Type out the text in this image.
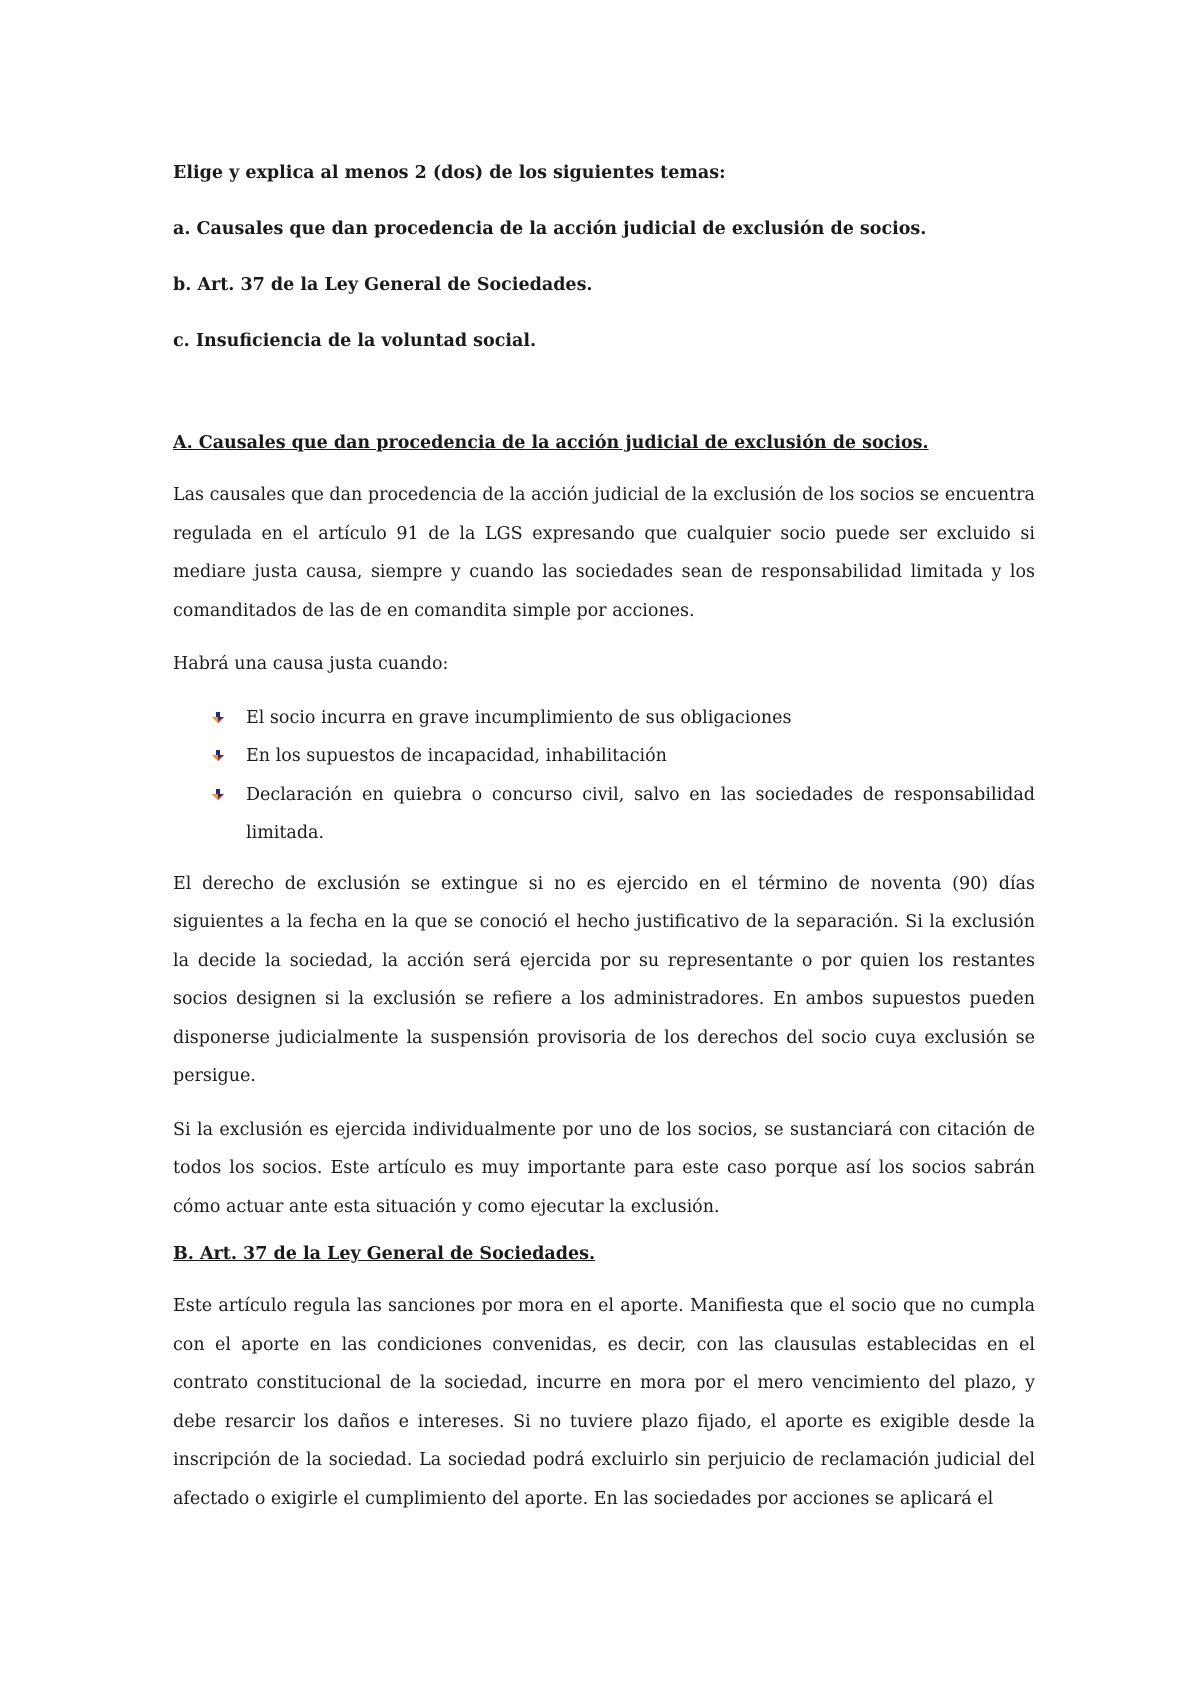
Elige y explica al menos 2 (dos) de los siguientes temas:

a. Causales que dan procedencia de la acción judicial de exclusión de socios.

b. Art. 37 de la Ley General de Sociedades.

c. Insuficiencia de la voluntad social.

A. Causales que dan procedencia de la acción judicial de exclusión de socios.

Las causales que dan procedencia de la acción judicial de la exclusión de los socios se encuentra regulada en el artículo 91 de la LGS expresando que cualquier socio puede ser excluido si mediare justa causa, siempre y cuando las sociedades sean de responsabilidad limitada y los comanditados de las de en comandita simple por acciones.

Habrá una causa justa cuando:

El socio incurra en grave incumplimiento de sus obligaciones
En los supuestos de incapacidad, inhabilitación
Declaración en quiebra o concurso civil, salvo en las sociedades de responsabilidad limitada.

El derecho de exclusión se extingue si no es ejercido en el término de noventa (90) días siguientes a la fecha en la que se conoció el hecho justificativo de la separación. Si la exclusión la decide la sociedad, la acción será ejercida por su representante o por quien los restantes socios designen si la exclusión se refiere a los administradores. En ambos supuestos pueden disponerse judicialmente la suspensión provisoria de los derechos del socio cuya exclusión se persigue.

Si la exclusión es ejercida individualmente por uno de los socios, se sustanciará con citación de todos los socios. Este artículo es muy importante para este caso porque así los socios sabrán cómo actuar ante esta situación y como ejecutar la exclusión.

B. Art. 37 de la Ley General de Sociedades.

Este artículo regula las sanciones por mora en el aporte. Manifiesta que el socio que no cumpla con el aporte en las condiciones convenidas, es decir, con las clausulas establecidas en el contrato constitucional de la sociedad, incurre en mora por el mero vencimiento del plazo, y debe resarcir los daños e intereses. Si no tuviere plazo fijado, el aporte es exigible desde la inscripción de la sociedad. La sociedad podrá excluirlo sin perjuicio de reclamación judicial del afectado o exigirle el cumplimiento del aporte. En las sociedades por acciones se aplicará el
